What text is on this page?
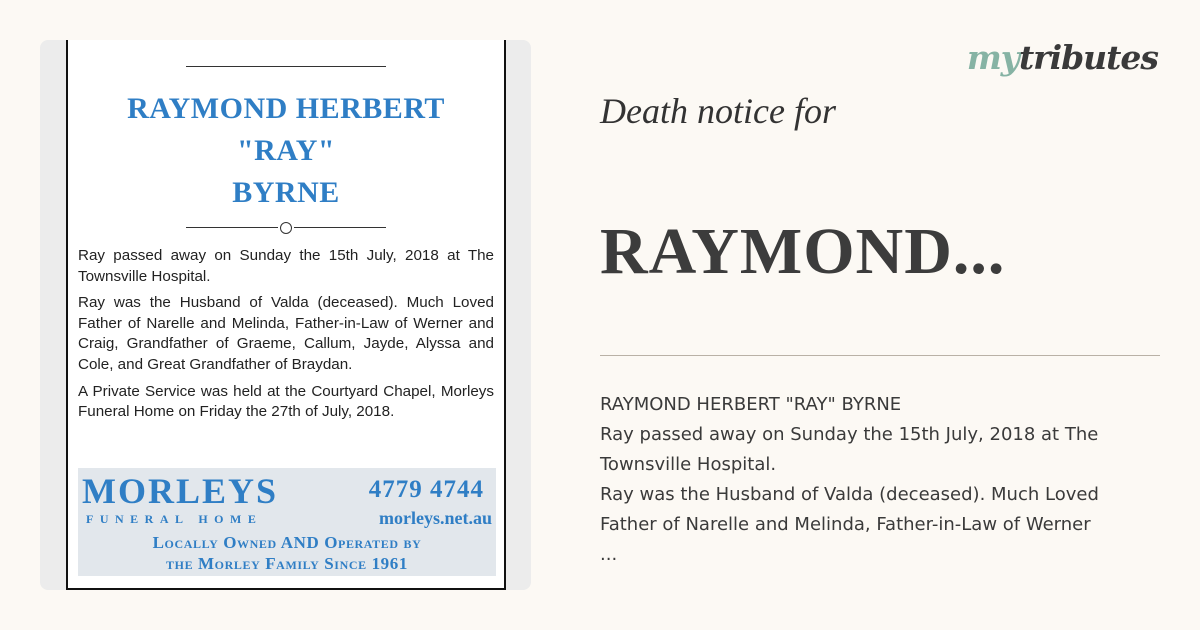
RAYMOND HERBERT
"RAY"
BYRNE

Ray passed away on Sunday the 15th July, 2018 at The Townsville Hospital.

Ray was the Husband of Valda (deceased). Much Loved Father of Narelle and Melinda, Father-in-Law of Werner and Craig, Grandfather of Graeme, Callum, Jayde, Alyssa and Cole, and Great Grandfather of Braydan.

A Private Service was held at the Courtyard Chapel, Morleys Funeral Home on Friday the 27th of July, 2018.

MORLEYS
FUNERAL HOME
4779 4744
morleys.net.au
Locally Owned AND Operated by
the Morley Family Since 1961
mytributes
Death notice for
RAYMOND...
RAYMOND HERBERT "RAY" BYRNE
Ray passed away on Sunday the 15th July, 2018 at The
Townsville Hospital.
Ray was the Husband of Valda (deceased). Much Loved
Father of Narelle and Melinda, Father-in-Law of Werner
...
